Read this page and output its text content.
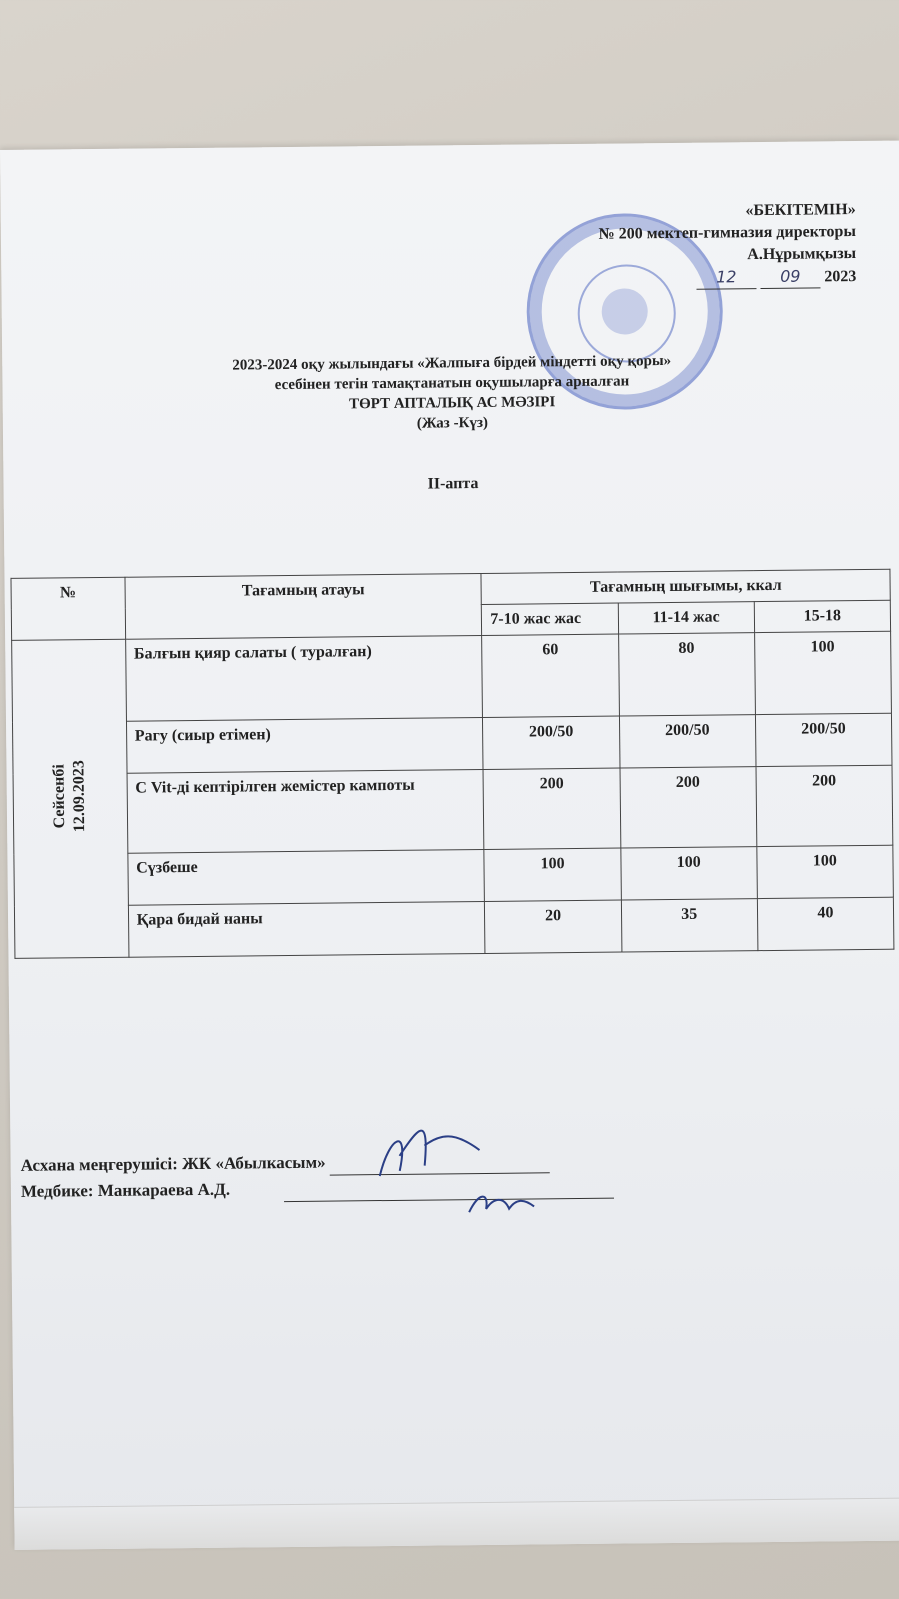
«БЕКІТЕМІН»
№ 200 мектеп-гимназия директоры
А.Нұрымқызы
12	09 2023
2023-2024 оқу жылындағы «Жалпыға бірдей міндетті оқу қоры»
есебінен тегін тамақтанатын оқушыларға арналған
ТӨРТ АПТАЛЫҚ АС МӘЗІРІ
(Жаз -Күз)
II-апта
№	Тағамның атауы	Тағамның шығымы, ккал		
		7-10 жас жас	11-14 жас	15-18
Сейсенбі 12.09.2023	Балғын қияр салаты ( туралған)	60	80	100
	Рагу (сиыр етімен)	200/50	200/50	200/50
	С Vit-ді кептірілген жемістер кампоты	200	200	200
	Сүзбеше	100	100	100
	Қара бидай наны	20	35	40
Асхана меңгерушісі: ЖК «Абылкасым»
Медбике: Манкараева А.Д.
